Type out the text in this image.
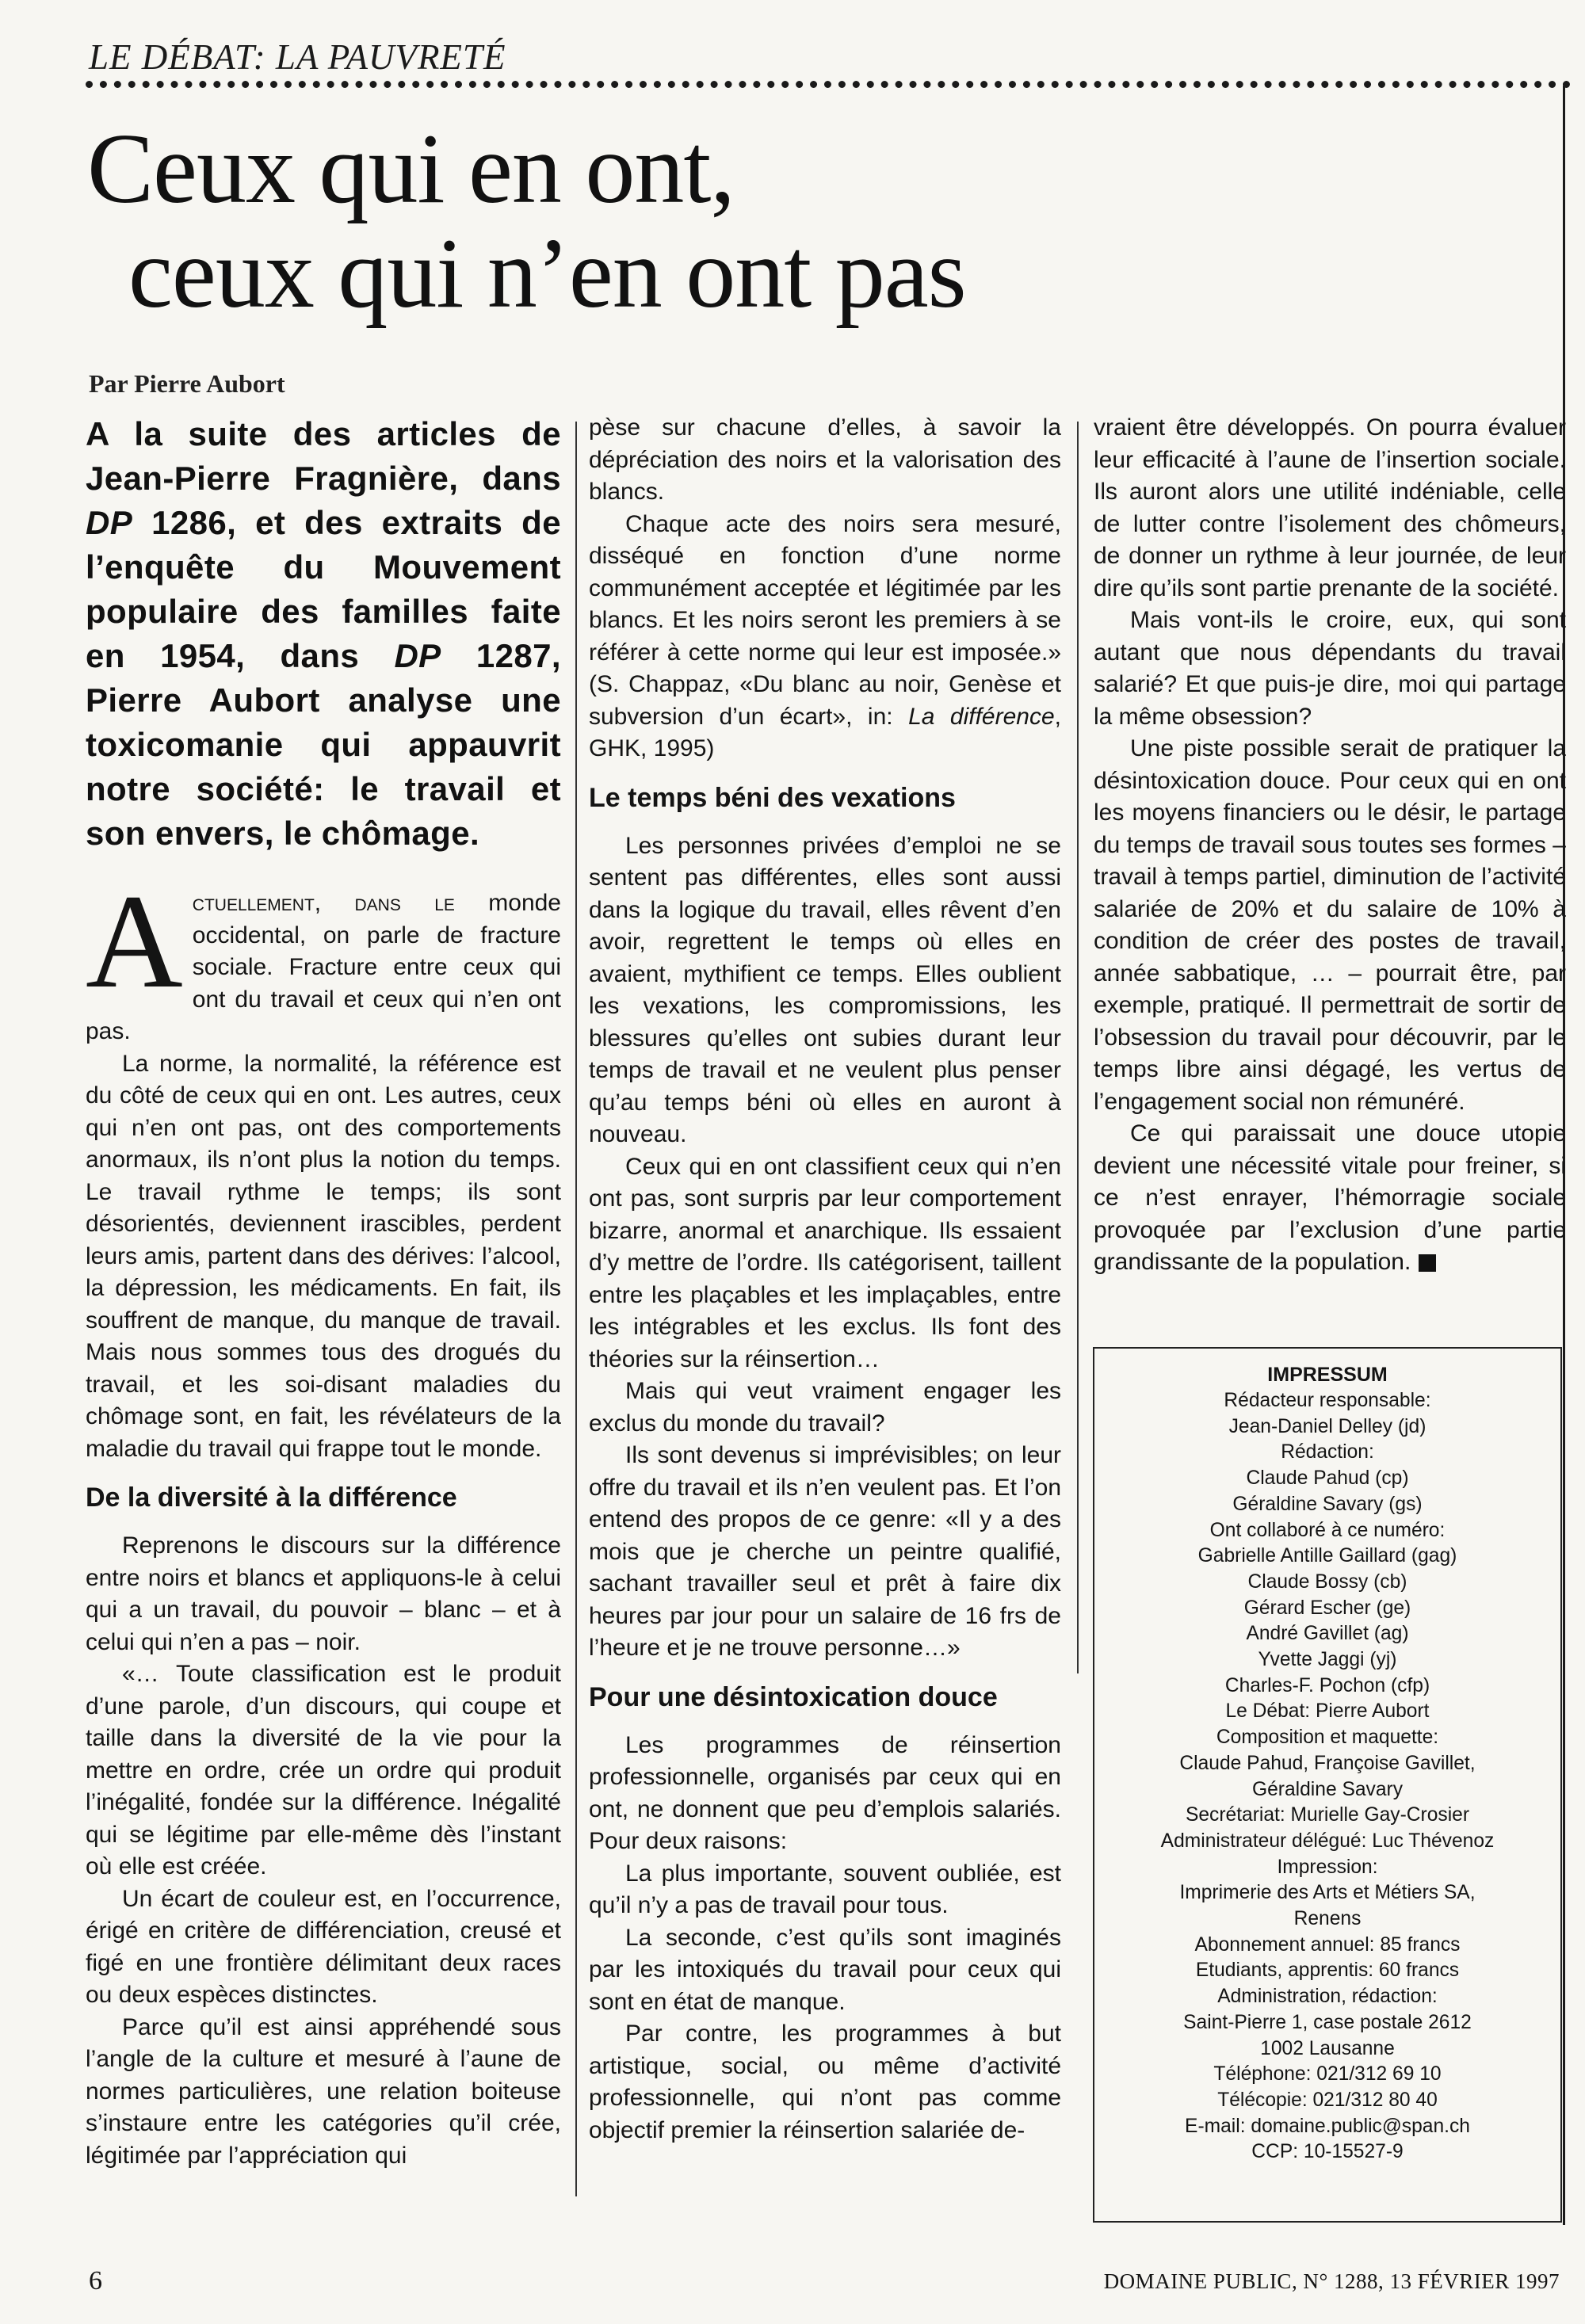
LE DÉBAT: LA PAUVRETÉ
Ceux qui en ont,
ceux qui n’en ont pas
Par Pierre Aubort
A la suite des articles de Jean-Pierre Fragnière, dans DP 1286, et des extraits de l’enquête du Mouvement populaire des familles faite en 1954, dans DP 1287, Pierre Aubort analyse une toxicomanie qui appauvrit notre société: le travail et son envers, le chômage.

Actuellement, dans le monde occidental, on parle de fracture sociale. Fracture entre ceux qui ont du travail et ceux qui n’en ont pas.

La norme, la normalité, la référence est du côté de ceux qui en ont. Les autres, ceux qui n’en ont pas, ont des comportements anormaux, ils n’ont plus la notion du temps. Le travail rythme le temps; ils sont désorientés, deviennent irascibles, perdent leurs amis, partent dans des dérives: l’alcool, la dépression, les médicaments. En fait, ils souffrent de manque, du manque de travail. Mais nous sommes tous des drogués du travail, et les soi-disant maladies du chômage sont, en fait, les révélateurs de la maladie du travail qui frappe tout le monde.

De la diversité à la différence

Reprenons le discours sur la différence entre noirs et blancs et appliquons-le à celui qui a un travail, du pouvoir – blanc – et à celui qui n’en a pas – noir.

«… Toute classification est le produit d’une parole, d’un discours, qui coupe et taille dans la diversité de la vie pour la mettre en ordre, crée un ordre qui produit l’inégalité, fondée sur la différence. Inégalité qui se légitime par elle-même dès l’instant où elle est créée.

Un écart de couleur est, en l’occurrence, érigé en critère de différenciation, creusé et figé en une frontière délimitant deux races ou deux espèces distinctes.

Parce qu’il est ainsi appréhendé sous l’angle de la culture et mesuré à l’aune de normes particulières, une relation boiteuse s’instaure entre les catégories qu’il crée, légitimée par l’appréciation qui

pèse sur chacune d’elles, à savoir la dépréciation des noirs et la valorisation des blancs.

Chaque acte des noirs sera mesuré, disséqué en fonction d’une norme communément acceptée et légitimée par les blancs. Et les noirs seront les premiers à se référer à cette norme qui leur est imposée.» (S. Chappaz, «Du blanc au noir, Genèse et subversion d’un écart», in: La différence, GHK, 1995)

Le temps béni des vexations

Les personnes privées d’emploi ne se sentent pas différentes, elles sont aussi dans la logique du travail, elles rêvent d’en avoir, regrettent le temps où elles en avaient, mythifient ce temps. Elles oublient les vexations, les compromissions, les blessures qu’elles ont subies durant leur temps de travail et ne veulent plus penser qu’au temps béni où elles en auront à nouveau.

Ceux qui en ont classifient ceux qui n’en ont pas, sont surpris par leur comportement bizarre, anormal et anarchique. Ils essaient d’y mettre de l’ordre. Ils catégorisent, taillent entre les plaçables et les implaçables, entre les intégrables et les exclus. Ils font des théories sur la réinsertion…

Mais qui veut vraiment engager les exclus du monde du travail?

Ils sont devenus si imprévisibles; on leur offre du travail et ils n’en veulent pas. Et l’on entend des propos de ce genre: «Il y a des mois que je cherche un peintre qualifié, sachant travailler seul et prêt à faire dix heures par jour pour un salaire de 16 frs de l’heure et je ne trouve personne…»

Pour une désintoxication douce

Les programmes de réinsertion professionnelle, organisés par ceux qui en ont, ne donnent que peu d’emplois salariés. Pour deux raisons:

La plus importante, souvent oubliée, est qu’il n’y a pas de travail pour tous.

La seconde, c’est qu’ils sont imaginés par les intoxiqués du travail pour ceux qui sont en état de manque.

Par contre, les programmes à but artistique, social, ou même d’activité professionnelle, qui n’ont pas comme objectif premier la réinsertion salariée de-

vraient être développés. On pourra évaluer leur efficacité à l’aune de l’insertion sociale. Ils auront alors une utilité indéniable, celle de lutter contre l’isolement des chômeurs, de donner un rythme à leur journée, de leur dire qu’ils sont partie prenante de la société.

Mais vont-ils le croire, eux, qui sont autant que nous dépendants du travail salarié? Et que puis-je dire, moi qui partage la même obsession?

Une piste possible serait de pratiquer la désintoxication douce. Pour ceux qui en ont les moyens financiers ou le désir, le partage du temps de travail sous toutes ses formes – travail à temps partiel, diminution de l’activité salariée de 20% et du salaire de 10% à condition de créer des postes de travail, année sabbatique, … – pourrait être, par exemple, pratiqué. Il permettrait de sortir de l’obsession du travail pour découvrir, par le temps libre ainsi dégagé, les vertus de l’engagement social non rémunéré.

Ce qui paraissait une douce utopie devient une nécessité vitale pour freiner, si ce n’est enrayer, l’hémorragie sociale provoquée par l’exclusion d’une partie grandissante de la population.

IMPRESSUM
Rédacteur responsable:
Jean-Daniel Delley (jd)
Rédaction:
Claude Pahud (cp)
Géraldine Savary (gs)
Ont collaboré à ce numéro:
Gabrielle Antille Gaillard (gag)
Claude Bossy (cb)
Gérard Escher (ge)
André Gavillet (ag)
Yvette Jaggi (yj)
Charles-F. Pochon (cfp)
Le Débat: Pierre Aubort
Composition et maquette:
Claude Pahud, Françoise Gavillet,
Géraldine Savary
Secrétariat: Murielle Gay-Crosier
Administrateur délégué: Luc Thévenoz
Impression:
Imprimerie des Arts et Métiers SA,
Renens
Abonnement annuel: 85 francs
Etudiants, apprentis: 60 francs
Administration, rédaction:
Saint-Pierre 1, case postale 2612
1002 Lausanne
Téléphone: 021/312 69 10
Télécopie: 021/312 80 40
E-mail: domaine.public@span.ch
CCP: 10-15527-9
6	DOMAINE PUBLIC, N° 1288, 13 FÉVRIER 1997
